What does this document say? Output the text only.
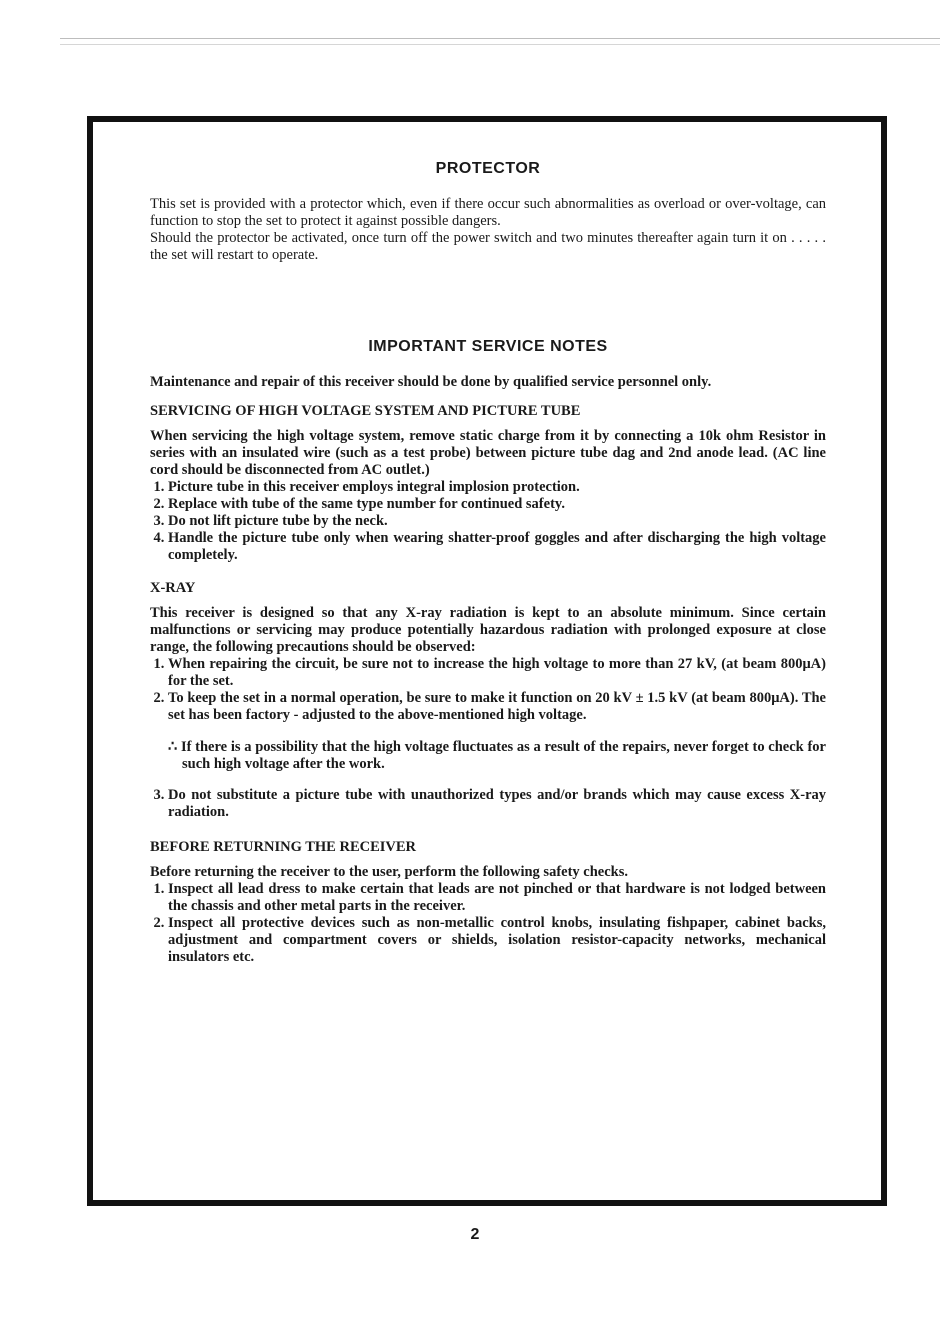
PROTECTOR

This set is provided with a protector which, even if there occur such abnormalities as overload or over-voltage, can function to stop the set to protect it against possible dangers.

Should the protector be activated, once turn off the power switch and two minutes thereafter again turn it on . . . . . the set will restart to operate.

IMPORTANT SERVICE NOTES

Maintenance and repair of this receiver should be done by qualified service personnel only.

SERVICING OF HIGH VOLTAGE SYSTEM AND PICTURE TUBE

When servicing the high voltage system, remove static charge from it by connecting a 10k ohm Resistor in series with an insulated wire (such as a test probe) between picture tube dag and 2nd anode lead. (AC line cord should be disconnected from AC outlet.)

1. Picture tube in this receiver employs integral implosion protection.
2. Replace with tube of the same type number for continued safety.
3. Do not lift picture tube by the neck.
4. Handle the picture tube only when wearing shatter-proof goggles and after discharging the high voltage completely.

X-RAY

This receiver is designed so that any X-ray radiation is kept to an absolute minimum. Since certain malfunctions or servicing may produce potentially hazardous radiation with prolonged exposure at close range, the following precautions should be observed:

1. When repairing the circuit, be sure not to increase the high voltage to more than 27 kV, (at beam 800μA) for the set.
2. To keep the set in a normal operation, be sure to make it function on 20 kV ± 1.5 kV (at beam 800μA). The set has been factory - adjusted to the above-mentioned high voltage.

∴ If there is a possibility that the high voltage fluctuates as a result of the repairs, never forget to check for such high voltage after the work.

3. Do not substitute a picture tube with unauthorized types and/or brands which may cause excess X-ray radiation.

BEFORE RETURNING THE RECEIVER

Before returning the receiver to the user, perform the following safety checks.

1. Inspect all lead dress to make certain that leads are not pinched or that hardware is not lodged between the chassis and other metal parts in the receiver.
2. Inspect all protective devices such as non-metallic control knobs, insulating fishpaper, cabinet backs, adjustment and compartment covers or shields, isolation resistor-capacity networks, mechanical insulators etc.
2
